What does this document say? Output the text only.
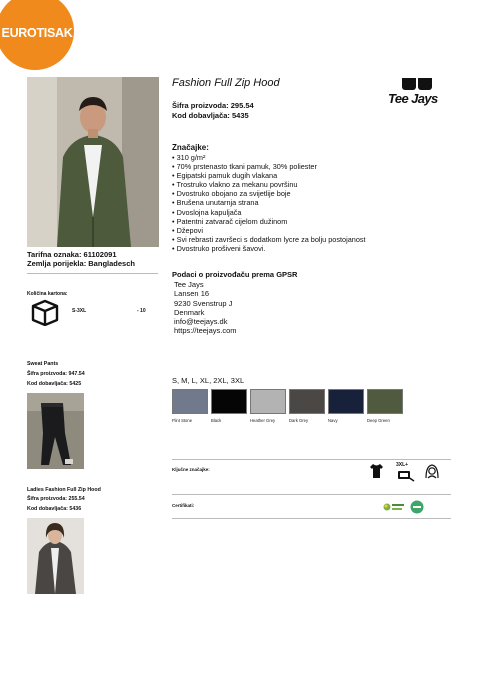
EUROTISAK
Fashion Full Zip Hood
Šifra proizvoda: 295.54
Kod dobavljača: 5435
Tee Jays
Značajke:
• 310 g/m²
• 70% prstenasto tkani pamuk, 30% poliester
• Egipatski pamuk dugih vlakana
• Trostruko vlakno za mekanu površinu
• Dvostruko obojano za svijetlije boje
• Brušena unutarnja strana
• Dvoslojna kapuljača
• Patentni zatvarač cijelom dužinom
• Džepovi
• Svi rebrasti završeci s dodatkom lycre za bolju postojanost
• Dvostruko prošiveni šavovi.
Podaci o proizvođaču prema GPSR
Tee Jays
Lansen 16
9230 Svenstrup J
Denmark
info@teejays.dk
https://teejays.com
S, M, L, XL, 2XL, 3XL
Flint Stone	Black	Heather Grey	Dark Grey	Navy	Deep Green
Ključne značajke:
3XL+
Certifikati:
Tarifna oznaka: 61102091
Zemlja porijekla: Bangladesch
Količina kartona:
S-3XL	- 10
Sweat Pants
Šifra proizvoda: 947.54
Kod dobavljača: 5425
Ladies Fashion Full Zip Hood
Šifra proizvoda: 255.54
Kod dobavljača: 5436
